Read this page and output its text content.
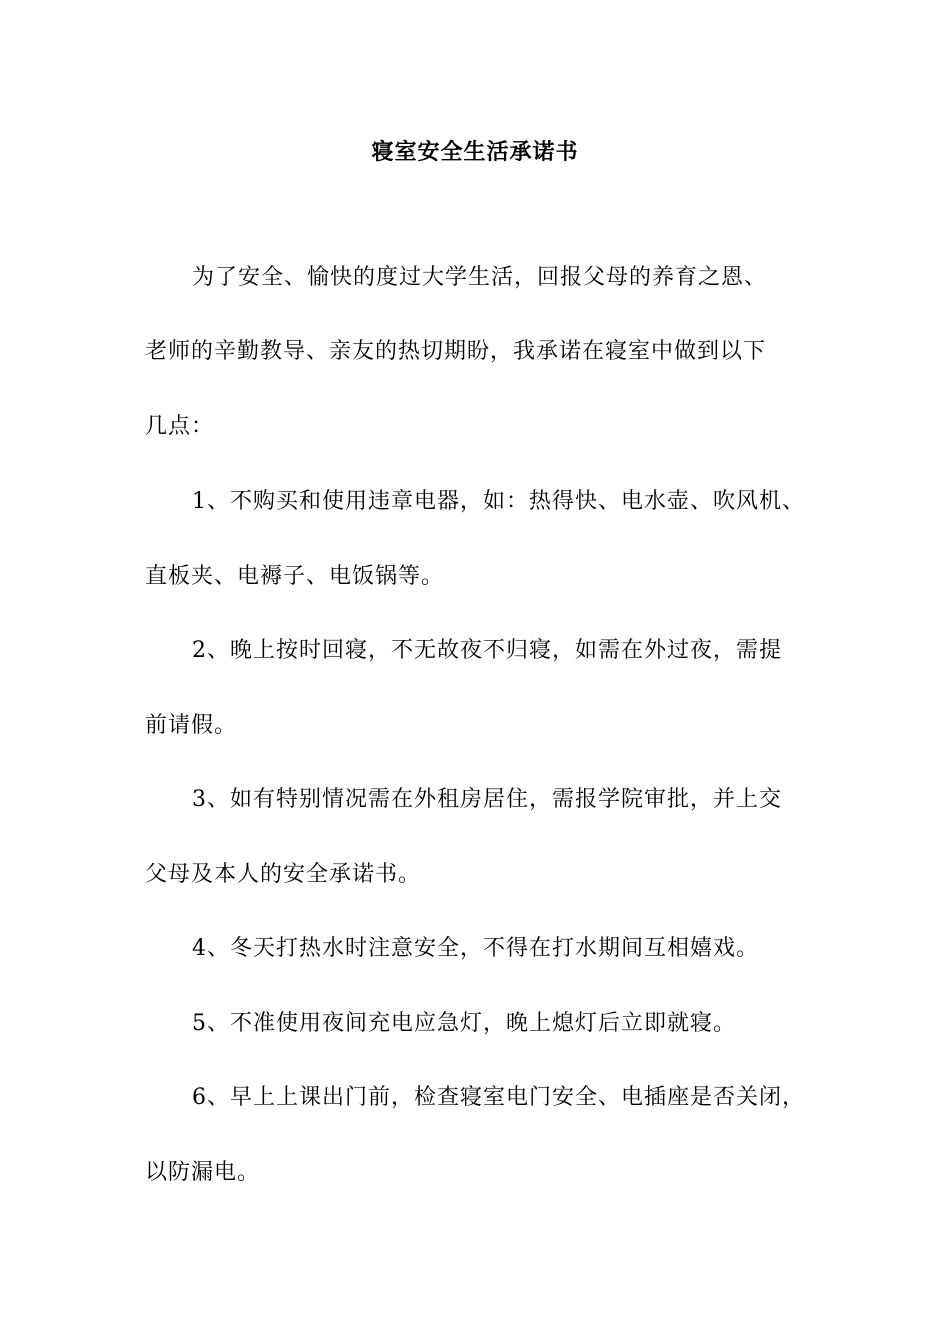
寝室安全生活承诺书
为了安全、愉快的度过大学生活，回报父母的养育之恩、
老师的辛勤教导、亲友的热切期盼，我承诺在寝室中做到以下
几点：
1、不购买和使用违章电器，如：热得快、电水壶、吹风机、
直板夹、电褥子、电饭锅等。
2、晚上按时回寝，不无故夜不归寝，如需在外过夜，需提
前请假。
3、如有特别情况需在外租房居住，需报学院审批，并上交
父母及本人的安全承诺书。
4、冬天打热水时注意安全，不得在打水期间互相嬉戏。
5、不准使用夜间充电应急灯，晚上熄灯后立即就寝。
6、早上上课出门前，检查寝室电门安全、电插座是否关闭，
以防漏电。
